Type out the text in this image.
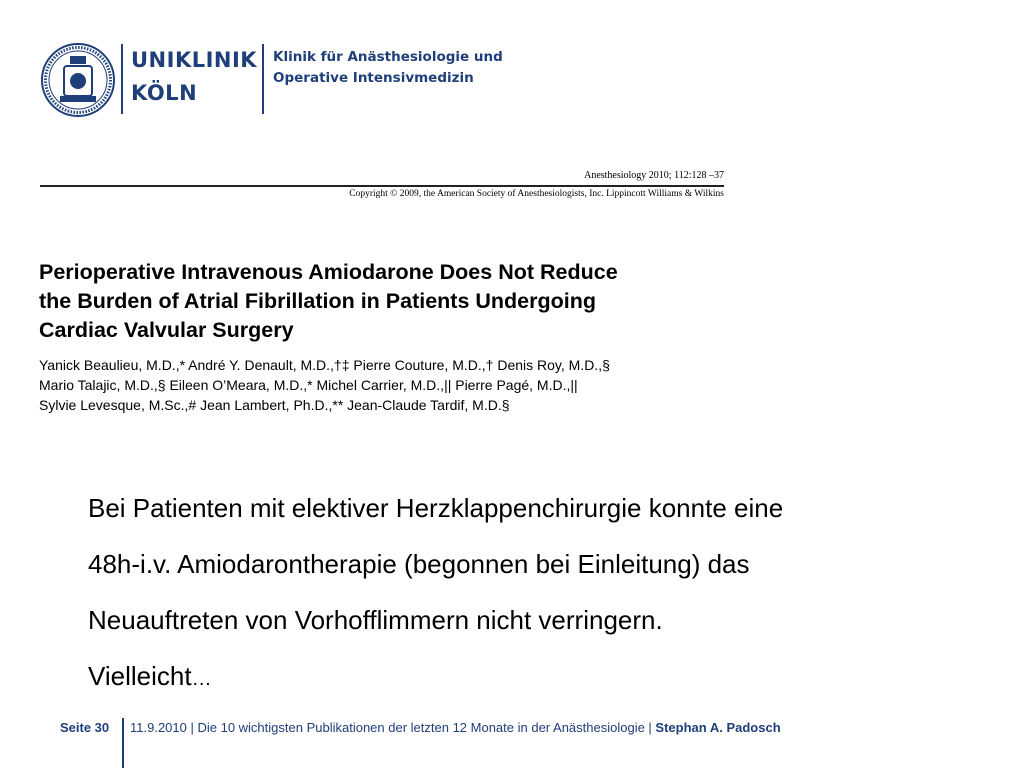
UNIKLINIK
KÖLN
Klinik für Anästhesiologie und
Operative Intensivmedizin
Anesthesiology 2010; 112:128 –37
Copyright © 2009, the American Society of Anesthesiologists, Inc. Lippincott Williams & Wilkins
Perioperative Intravenous Amiodarone Does Not Reduce
the Burden of Atrial Fibrillation in Patients Undergoing
Cardiac Valvular Surgery
Yanick Beaulieu, M.D.,* André Y. Denault, M.D.,†‡ Pierre Couture, M.D.,† Denis Roy, M.D.,§
Mario Talajic, M.D.,§ Eileen O’Meara, M.D.,* Michel Carrier, M.D.,|| Pierre Pagé, M.D.,||
Sylvie Levesque, M.Sc.,# Jean Lambert, Ph.D.,** Jean-Claude Tardif, M.D.§
Bei Patienten mit elektiver Herzklappenchirurgie konnte eine
48h-i.v. Amiodarontherapie (begonnen bei Einleitung) das
Neuauftreten von Vorhofflimmern nicht verringern.
Vielleicht…
Seite 30 11.9.2010 | Die 10 wichtigsten Publikationen der letzten 12 Monate in der Anästhesiologie | Stephan A. Padosch
